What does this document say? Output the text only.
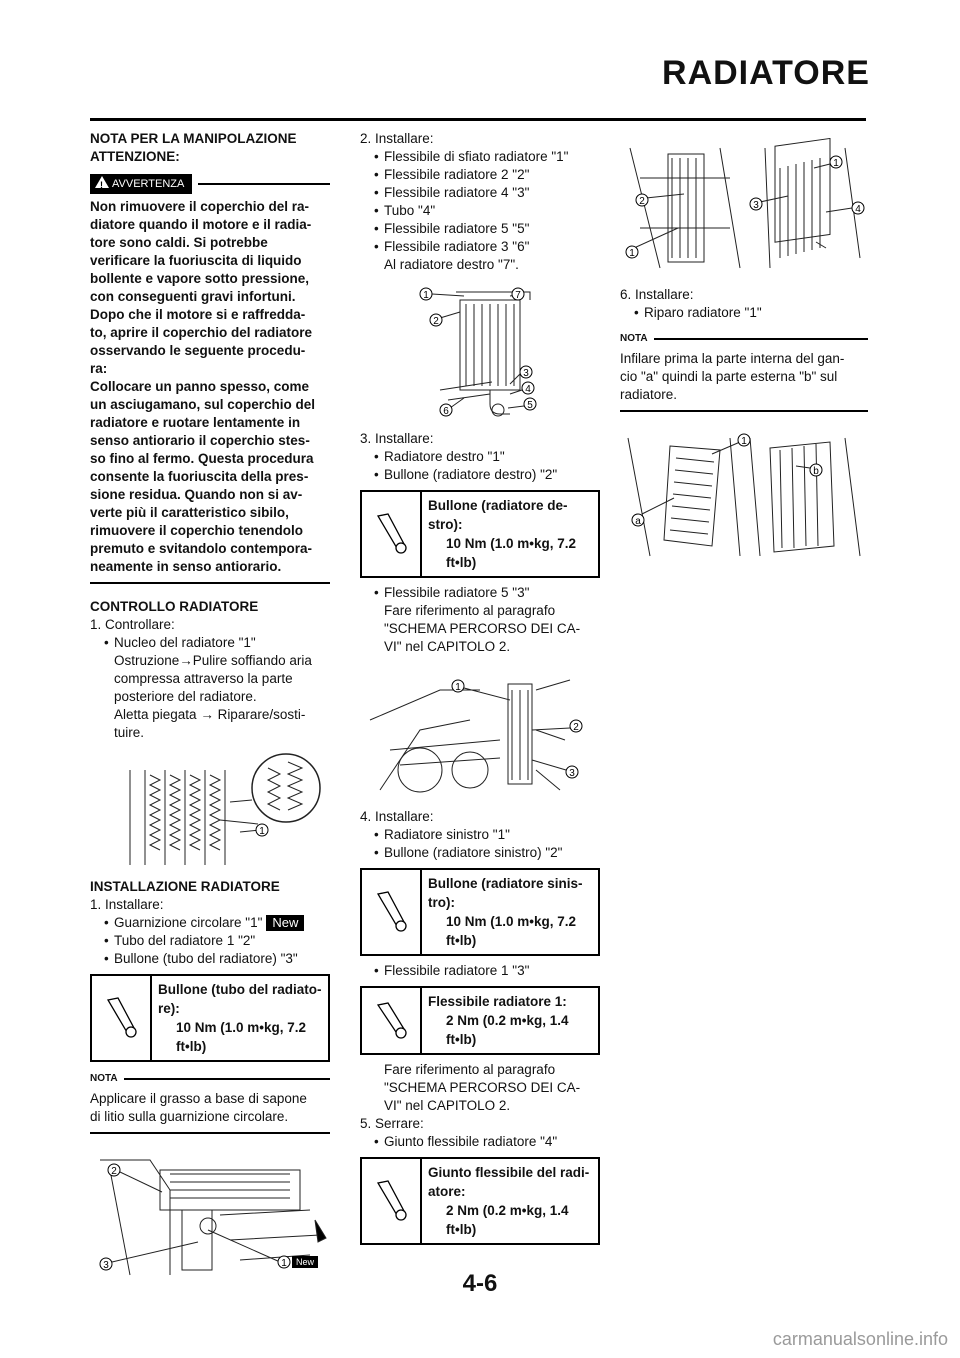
RADIATORE

NOTA PER LA MANIPOLAZIONE

ATTENZIONE:

!
AVVERTENZA

Non rimuovere il coperchio del ra-

diatore quando il motore e il radia-

tore sono caldi. Si potrebbe

verificare la fuoriuscita di liquido

bollente e vapore sotto pressione,

con conseguenti gravi infortuni.

Dopo che il motore si e raffredda-

to, aprire il coperchio del radiatore

osservando le seguente procedu-

ra:

Collocare un panno spesso, come

un asciugamano, sul coperchio del

radiatore e ruotare lentamente in

senso antiorario il coperchio stes-

so fino al fermo. Questa procedura

consente la fuoriuscita della pres-

sione residua. Quando non si av-

verte più il caratteristico sibilo,

rimuovere il coperchio tenendolo

premuto e svitandolo contempora-

neamente in senso antiorario.

CONTROLLO RADIATORE

1. Controllare:

• Nucleo del radiatore "1"

Ostruzione→Pulire soffiando aria

compressa attraverso la parte

posteriore del radiatore.

Aletta piegata → Riparare/sosti-

tuire.

1

INSTALLAZIONE RADIATORE

1. Installare:

• Guarnizione circolare "1" New

• Tubo del radiatore 1 "2"

• Bullone (tubo del radiatore) "3"

Bullone (tubo del radiato-
re):
10 Nm (1.0 m•kg, 7.2
ft•lb)
NOTA

Applicare il grasso a base di sapone

di litio sulla guarnizione circolare.

2
3	1 New

2. Installare:

• Flessibile di sfiato radiatore "1"

• Flessibile radiatore 2 "2"

• Flessibile radiatore 4 "3"

• Tubo "4"

• Flessibile radiatore 5 "5"

• Flessibile radiatore 3 "6"

Al radiatore destro "7".

1
2
3
4
5
6
7

3. Installare:

• Radiatore destro "1"

• Bullone (radiatore destro) "2"

Bullone (radiatore de-
stro):
10 Nm (1.0 m•kg, 7.2
ft•lb)

• Flessibile radiatore 5 "3"

Fare riferimento al paragrafo

"SCHEMA PERCORSO DEI CA-

VI" nel CAPITOLO 2.

1
2
3

4. Installare:

• Radiatore sinistro "1"

• Bullone (radiatore sinistro) "2"

Bullone (radiatore sinis-
tro):
10 Nm (1.0 m•kg, 7.2
ft•lb)

• Flessibile radiatore 1 "3"

Flessibile radiatore 1:
2 Nm (0.2 m•kg, 1.4
ft•lb)

Fare riferimento al paragrafo

"SCHEMA PERCORSO DEI CA-

VI" nel CAPITOLO 2.

5. Serrare:

• Giunto flessibile radiatore "4"

Giunto flessibile del radi-
atore:
2 Nm (0.2 m•kg, 1.4
ft•lb)
2
1
3
1
4

6. Installare:

• Riparo radiatore "1"

NOTA

Infilare prima la parte interna del gan-

cio "a" quindi la parte esterna "b" sul

radiatore.

a
1
b
4-6
carmanualsonline.info
